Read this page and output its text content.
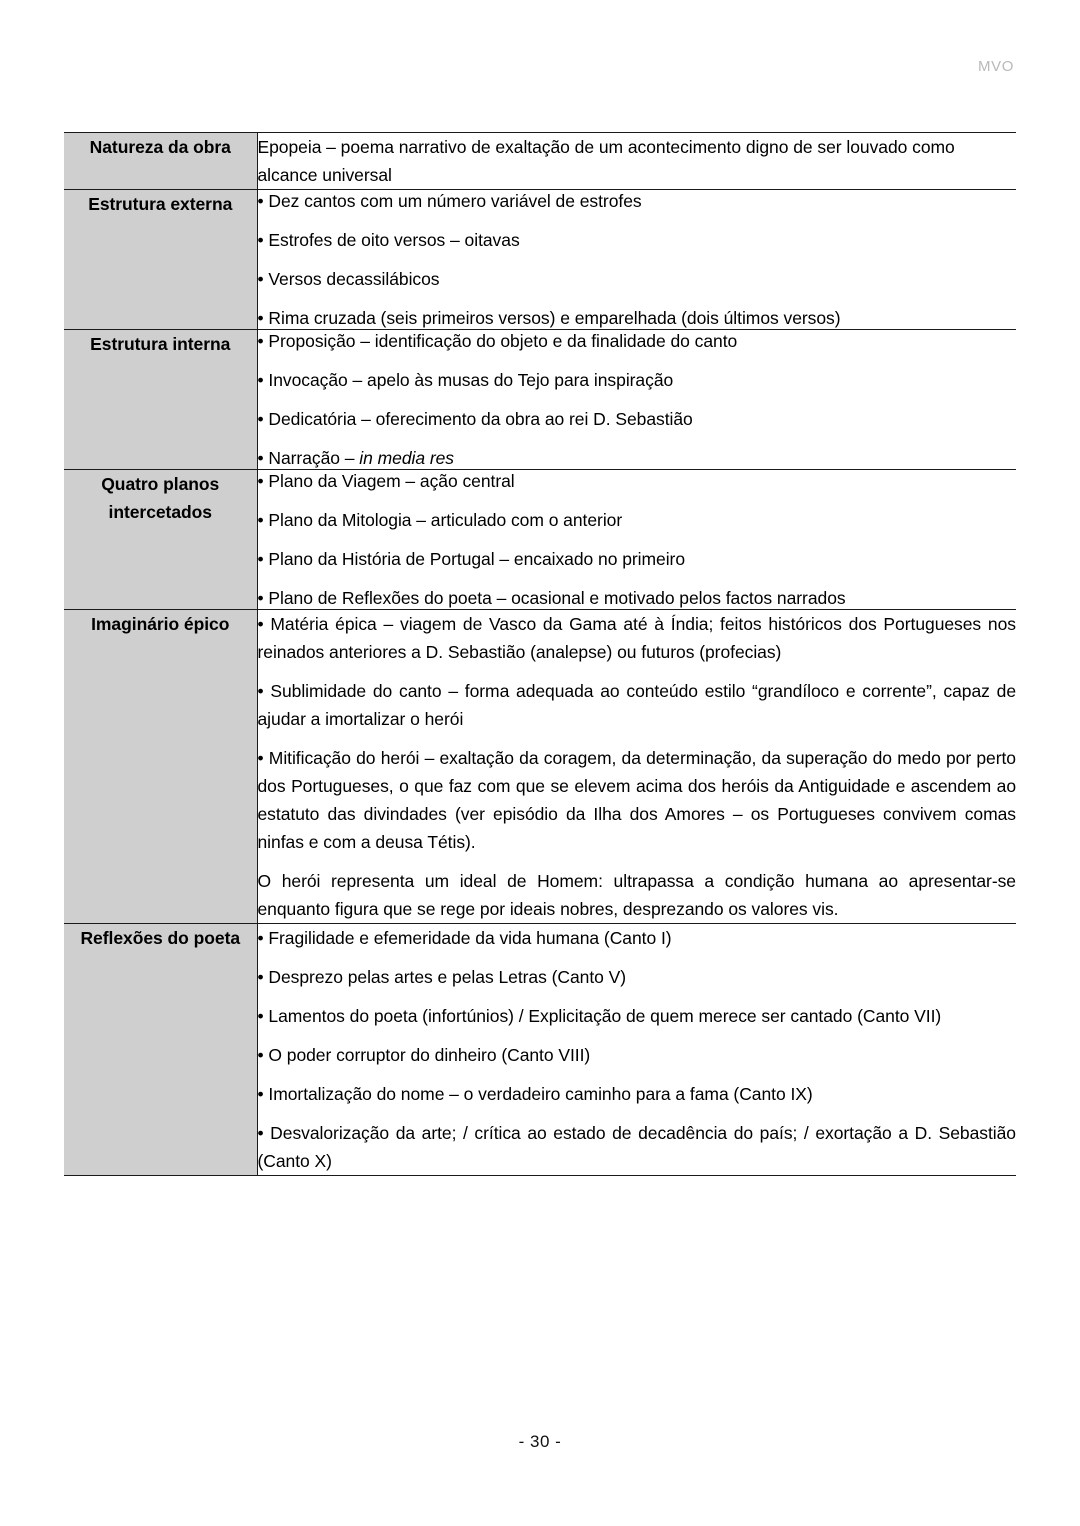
MVO
Natureza da obra	Epopeia – poema narrativo de exaltação de um acontecimento digno de ser louvado como alcance universal

Estrutura externa	• Dez cantos com um número variável de estrofes

• Estrofes de oito versos – oitavas

• Versos decassilábicos

• Rima cruzada (seis primeiros versos) e emparelhada (dois últimos versos)

Estrutura interna	• Proposição – identificação do objeto e da finalidade do canto

• Invocação – apelo às musas do Tejo para inspiração

• Dedicatória – oferecimento da obra ao rei D. Sebastião

• Narração – in media res

Quatro planos intercetados	• Plano da Viagem – ação central

• Plano da Mitologia – articulado com o anterior

• Plano da História de Portugal – encaixado no primeiro

• Plano de Reflexões do poeta – ocasional e motivado pelos factos narrados

Imaginário épico	• Matéria épica – viagem de Vasco da Gama até à Índia; feitos históricos dos Portugueses nos reinados anteriores a D. Sebastião (analepse) ou futuros (profecias)

• Sublimidade do canto – forma adequada ao conteúdo estilo “grandíloco e corrente”, capaz de ajudar a imortalizar o herói

• Mitificação do herói – exaltação da coragem, da determinação, da superação do medo por perto dos Portugueses, o que faz com que se elevem acima dos heróis da Antiguidade e ascendem ao estatuto das divindades (ver episódio da Ilha dos Amores – os Portugueses convivem comas ninfas e com a deusa Tétis).

O herói representa um ideal de Homem: ultrapassa a condição humana ao apresentar-se enquanto figura que se rege por ideais nobres, desprezando os valores vis.

Reflexões do poeta	• Fragilidade e efemeridade da vida humana (Canto I)

• Desprezo pelas artes e pelas Letras (Canto V)

• Lamentos do poeta (infortúnios) / Explicitação de quem merece ser cantado (Canto VII)

• O poder corruptor do dinheiro (Canto VIII)

• Imortalização do nome – o verdadeiro caminho para a fama (Canto IX)

• Desvalorização da arte; / crítica ao estado de decadência do país; / exortação a D. Sebastião (Canto X)

- 30 -
